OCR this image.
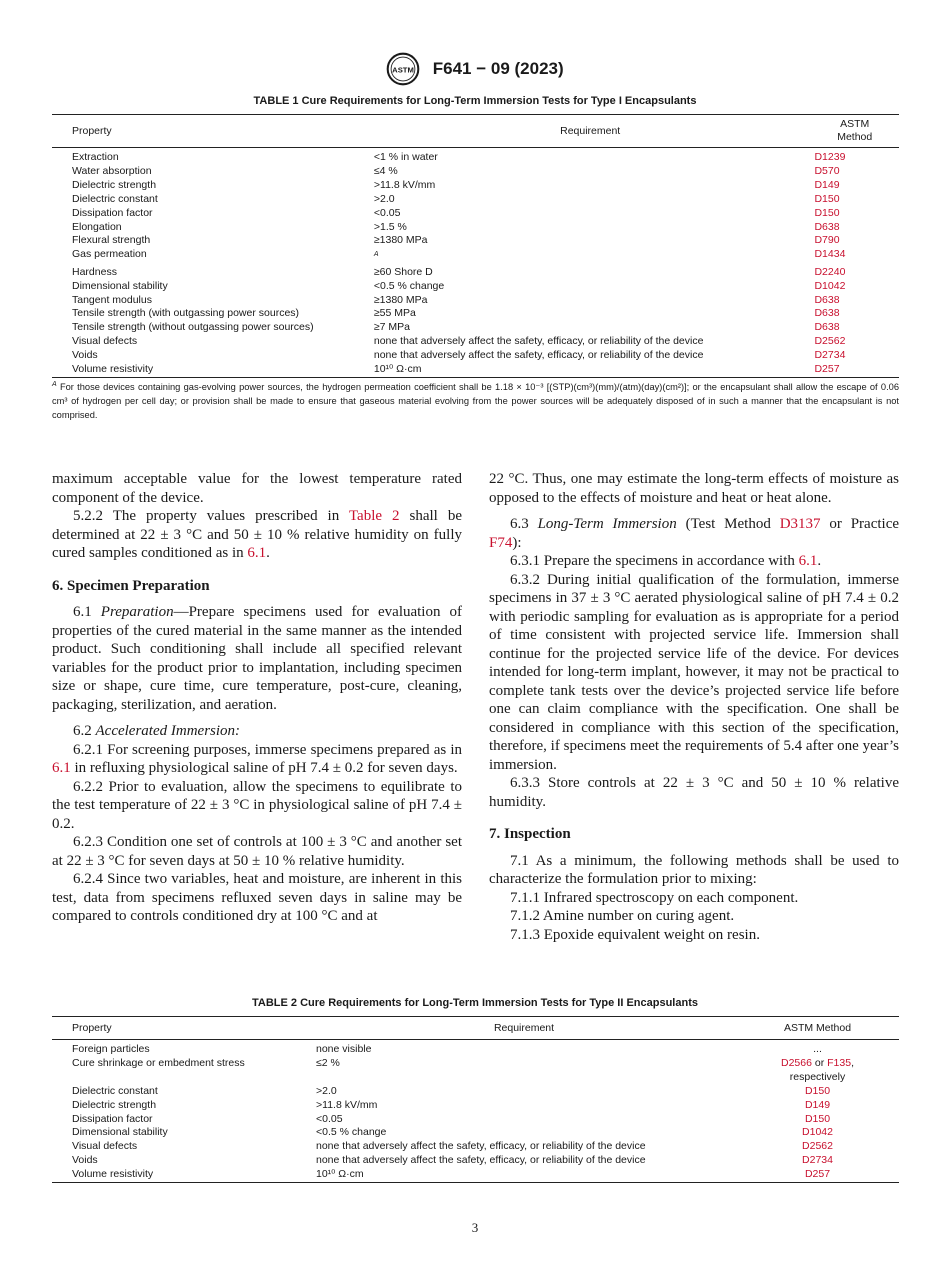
ASTM F641 − 09 (2023)
TABLE 1 Cure Requirements for Long-Term Immersion Tests for Type I Encapsulants
Property	Requirement	ASTM
Method

Extraction	<1 % in water	D1239
Water absorption	≤4 %	D570
Dielectric strength	>11.8 kV/mm	D149
Dielectric constant	>2.0	D150
Dissipation factor	<0.05	D150
Elongation	>1.5 %	D638
Flexural strength	≥1380 MPa	D790
Gas permeation	$^A$	D1434
Hardness	≥60 Shore D	D2240
Dimensional stability	<0.5 % change	D1042
Tangent modulus	≥1380 MPa	D638
Tensile strength (with outgassing power sources)	≥55 MPa	D638
Tensile strength (without outgassing power sources)	≥7 MPa	D638
Visual defects	none that adversely affect the safety, efficacy, or reliability of the device	D2562
Voids	none that adversely affect the safety, efficacy, or reliability of the device	D2734
Volume resistivity	10¹⁰ Ω·cm	D257
$^A$ For those devices containing gas-evolving power sources, the hydrogen permeation coefficient shall be 1.18 × 10⁻³ [(STP)(cm³)(mm)/(atm)(day)(cm²)]; or the encapsulant shall allow the escape of 0.06 cm³ of hydrogen per cell day; or provision shall be made to ensure that gaseous material evolving from the power sources will be adequately disposed of in such a manner that the encapsulant is not comprised.

maximum acceptable value for the lowest temperature rated component of the device.

5.2.2 The property values prescribed in Table 2 shall be determined at 22 ± 3 °C and 50 ± 10 % relative humidity on fully cured samples conditioned as in 6.1.

6. Specimen Preparation

6.1 Preparation—Prepare specimens used for evaluation of properties of the cured material in the same manner as the intended product. Such conditioning shall include all specified relevant variables for the product prior to implantation, including specimen size or shape, cure time, cure temperature, post-cure, cleaning, packaging, sterilization, and aeration.

6.2 Accelerated Immersion:

6.2.1 For screening purposes, immerse specimens prepared as in 6.1 in refluxing physiological saline of pH 7.4 ± 0.2 for seven days.

6.2.2 Prior to evaluation, allow the specimens to equilibrate to the test temperature of 22 ± 3 °C in physiological saline of pH 7.4 ± 0.2.

6.2.3 Condition one set of controls at 100 ± 3 °C and another set at 22 ± 3 °C for seven days at 50 ± 10 % relative humidity.

6.2.4 Since two variables, heat and moisture, are inherent in this test, data from specimens refluxed seven days in saline may be compared to controls conditioned dry at 100 °C and at

22 °C. Thus, one may estimate the long-term effects of moisture as opposed to the effects of moisture and heat or heat alone.

6.3 Long-Term Immersion (Test Method D3137 or Practice F74):

6.3.1 Prepare the specimens in accordance with 6.1.

6.3.2 During initial qualification of the formulation, immerse specimens in 37 ± 3 °C aerated physiological saline of pH 7.4 ± 0.2 with periodic sampling for evaluation as is appropriate for a period of time consistent with projected service life. Immersion shall continue for the projected service life of the device. For devices intended for long-term implant, however, it may not be practical to complete tank tests over the device’s projected service life before one can claim compliance with the specification. One shall be considered in compliance with this section of the specification, therefore, if specimens meet the requirements of 5.4 after one year’s immersion.

6.3.3 Store controls at 22 ± 3 °C and 50 ± 10 % relative humidity.

7. Inspection

7.1 As a minimum, the following methods shall be used to characterize the formulation prior to mixing:

7.1.1 Infrared spectroscopy on each component.

7.1.2 Amine number on curing agent.

7.1.3 Epoxide equivalent weight on resin.

TABLE 2 Cure Requirements for Long-Term Immersion Tests for Type II Encapsulants
Property	Requirement	ASTM Method
Foreign particles	none visible	...
Cure shrinkage or embedment stress	≤2 %	D2566 or F135,
respectively
Dielectric constant	>2.0	D150
Dielectric strength	>11.8 kV/mm	D149
Dissipation factor	<0.05	D150
Dimensional stability	<0.5 % change	D1042
Visual defects	none that adversely affect the safety, efficacy, or reliability of the device	D2562
Voids	none that adversely affect the safety, efficacy, or reliability of the device	D2734
Volume resistivity	10¹⁰ Ω·cm	D257
3
